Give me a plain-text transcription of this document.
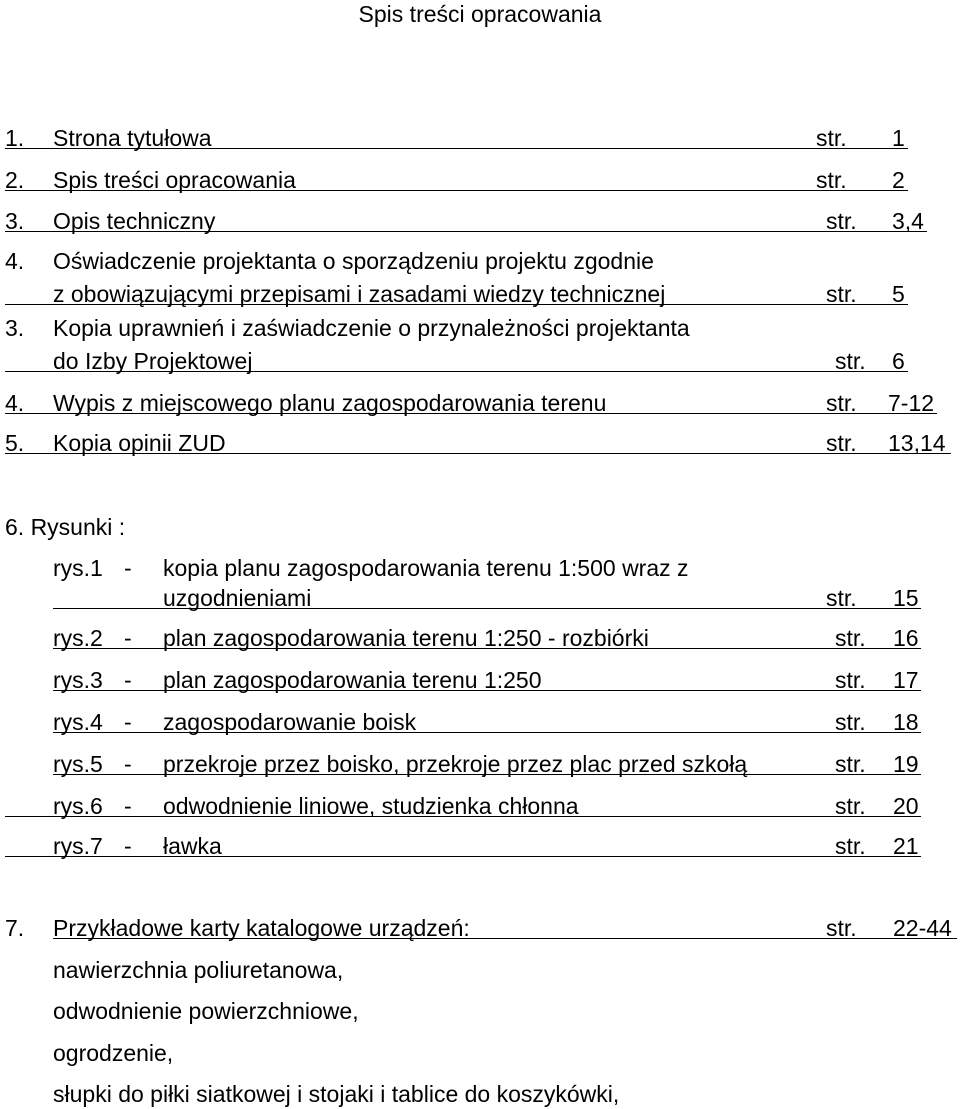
Spis treści opracowania
1. Strona tytułowa	str. 1
2. Spis treści opracowania	str. 2
3. Opis techniczny	str. 3,4
4. Oświadczenie projektanta o sporządzeniu projektu zgodnie
z obowiązującymi przepisami i zasadami wiedzy technicznej	str. 5
3. Kopia uprawnień i zaświadczenie o przynależności projektanta
do Izby Projektowej	str. 6
4. Wypis z miejscowego planu zagospodarowania terenu	str. 7-12
5. Kopia opinii ZUD	str. 13,14
6. Rysunki :
rys.1 - kopia planu zagospodarowania terenu 1:500 wraz z
uzgodnieniami	str. 15
rys.2 - plan zagospodarowania terenu 1:250 - rozbiórki	str. 16
rys.3 - plan zagospodarowania terenu 1:250	str. 17
rys.4 - zagospodarowanie boisk	str. 18
rys.5 - przekroje przez boisko, przekroje przez plac przed szkołą	str. 19
rys.6 - odwodnienie liniowe, studzienka chłonna	str. 20
rys.7 - ławka	str. 21
7. Przykładowe karty katalogowe urządzeń:	str. 22-44
nawierzchnia poliuretanowa,
odwodnienie powierzchniowe,
ogrodzenie,
słupki do piłki siatkowej i stojaki i tablice do koszykówki,
